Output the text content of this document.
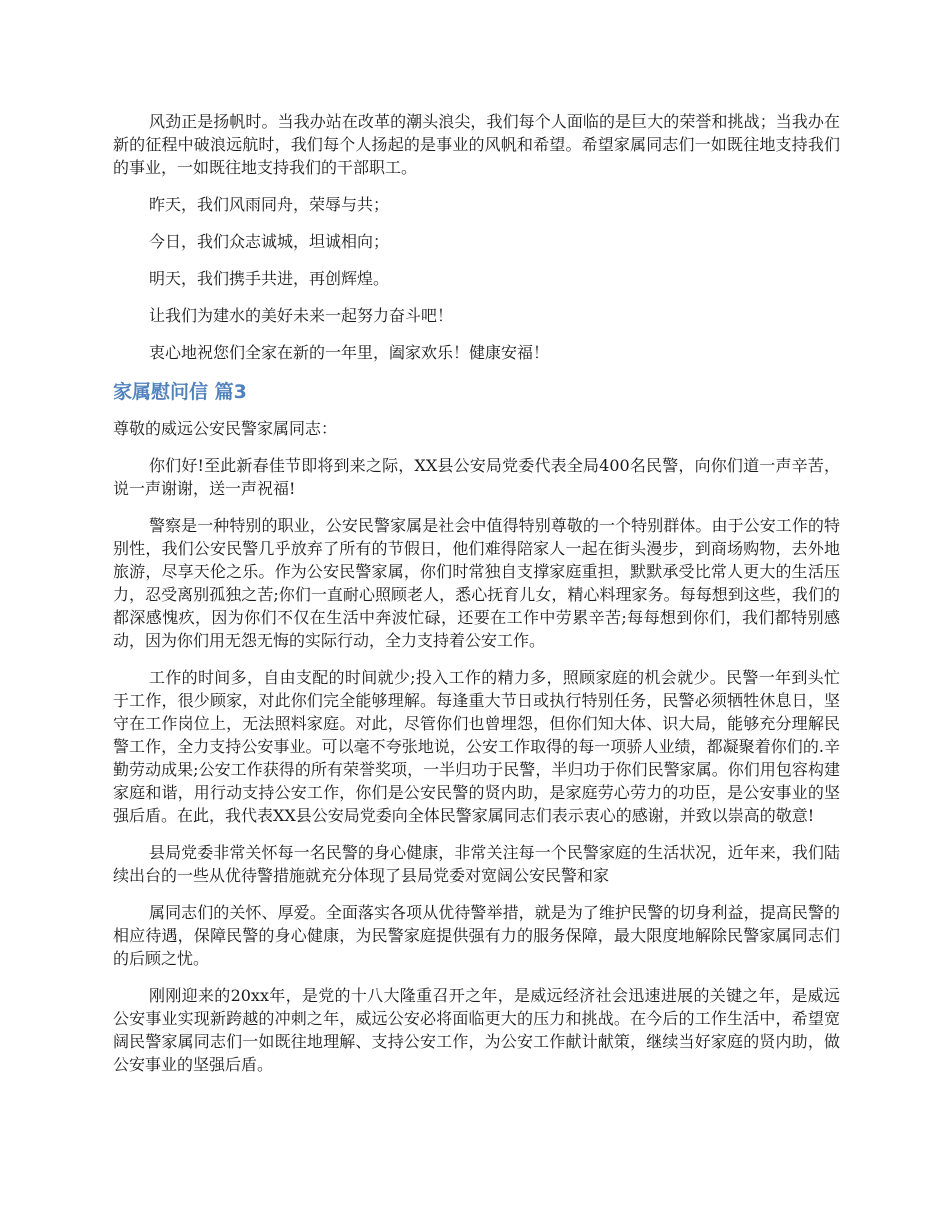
风劲正是扬帆时。当我办站在改革的潮头浪尖，我们每个人面临的是巨大的荣誉和挑战；当我办在新的征程中破浪远航时，我们每个人扬起的是事业的风帆和希望。希望家属同志们一如既往地支持我们的事业，一如既往地支持我们的干部职工。

昨天，我们风雨同舟，荣辱与共；

今日，我们众志诚城，坦诚相向；

明天，我们携手共进，再创辉煌。

让我们为建水的美好未来一起努力奋斗吧！

衷心地祝您们全家在新的一年里，阖家欢乐！健康安福！

家属慰问信 篇3

尊敬的威远公安民警家属同志：

你们好!至此新春佳节即将到来之际，XX县公安局党委代表全局400名民警，向你们道一声辛苦，说一声谢谢，送一声祝福!

警察是一种特别的职业，公安民警家属是社会中值得特别尊敬的一个特别群体。由于公安工作的特别性，我们公安民警几乎放弃了所有的节假日，他们难得陪家人一起在街头漫步，到商场购物，去外地旅游，尽享天伦之乐。作为公安民警家属，你们时常独自支撑家庭重担，默默承受比常人更大的生活压力，忍受离别孤独之苦;你们一直耐心照顾老人，悉心抚育儿女，精心料理家务。每每想到这些，我们的都深感愧疚，因为你们不仅在生活中奔波忙碌，还要在工作中劳累辛苦;每每想到你们，我们都特别感动，因为你们用无怨无悔的实际行动，全力支持着公安工作。

工作的时间多，自由支配的时间就少;投入工作的精力多，照顾家庭的机会就少。民警一年到头忙于工作，很少顾家，对此你们完全能够理解。每逢重大节日或执行特别任务，民警必须牺牲休息日，坚守在工作岗位上，无法照料家庭。对此，尽管你们也曾埋怨，但你们知大体、识大局，能够充分理解民警工作，全力支持公安事业。可以毫不夸张地说，公安工作取得的每一项骄人业绩，都凝聚着你们的.辛勤劳动成果;公安工作获得的所有荣誉奖项，一半归功于民警，半归功于你们民警家属。你们用包容构建家庭和谐，用行动支持公安工作，你们是公安民警的贤内助，是家庭劳心劳力的功臣，是公安事业的坚强后盾。在此，我代表XX县公安局党委向全体民警家属同志们表示衷心的感谢，并致以崇高的敬意!

县局党委非常关怀每一名民警的身心健康，非常关注每一个民警家庭的生活状况，近年来，我们陆续出台的一些从优待警措施就充分体现了县局党委对宽阔公安民警和家

属同志们的关怀、厚爱。全面落实各项从优待警举措，就是为了维护民警的切身利益，提高民警的相应待遇，保障民警的身心健康，为民警家庭提供强有力的服务保障，最大限度地解除民警家属同志们的后顾之忧。

刚刚迎来的20xx年，是党的十八大隆重召开之年，是威远经济社会迅速进展的关键之年，是威远公安事业实现新跨越的冲刺之年，威远公安必将面临更大的压力和挑战。在今后的工作生活中，希望宽阔民警家属同志们一如既往地理解、支持公安工作，为公安工作献计献策，继续当好家庭的贤内助，做公安事业的坚强后盾。
